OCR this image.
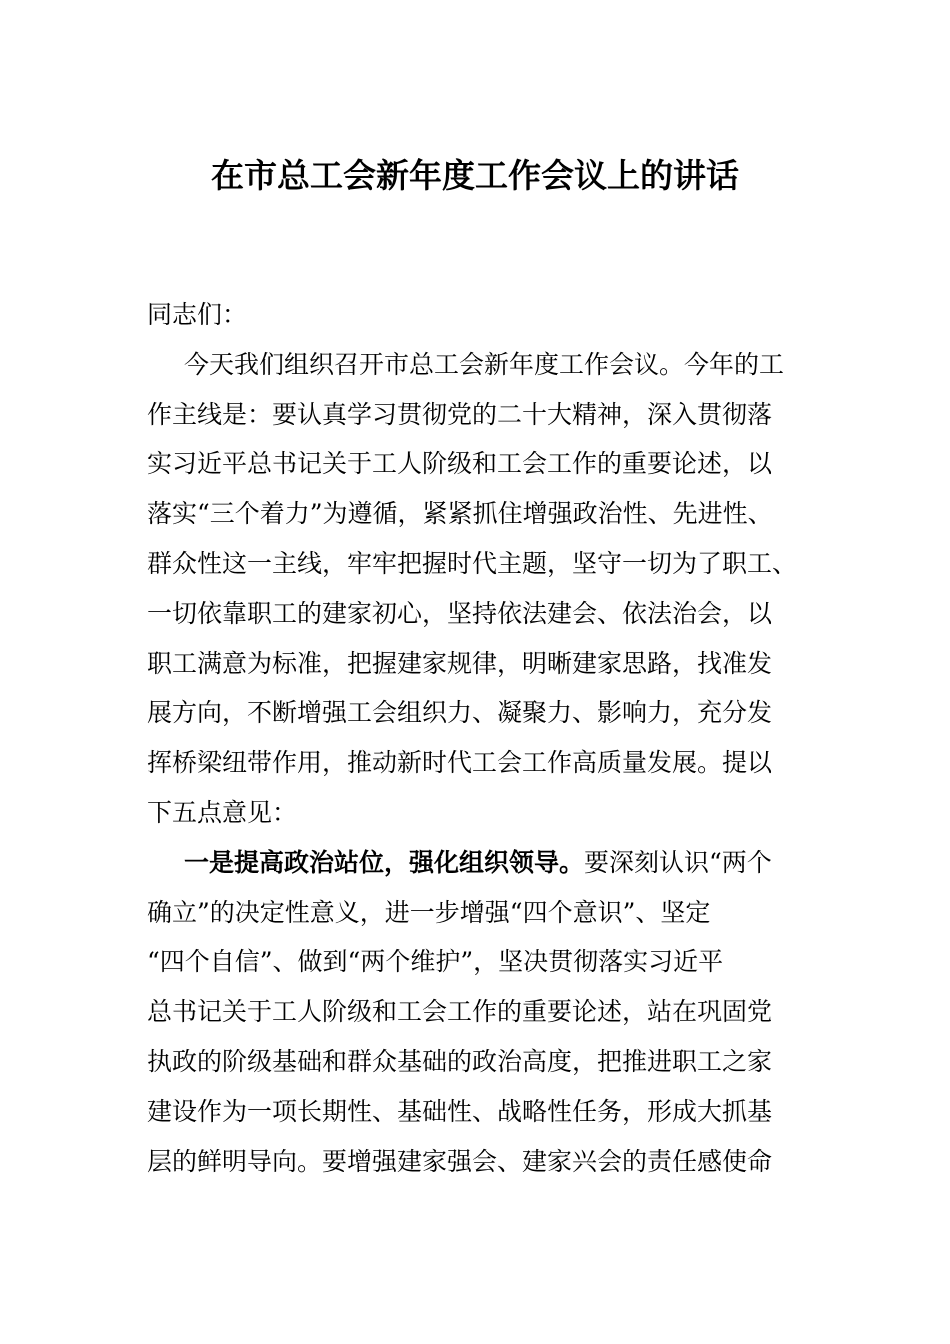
在市总工会新年度工作会议上的讲话
同志们：
今天我们组织召开市总工会新年度工作会议。今年的工
作主线是：要认真学习贯彻党的二十大精神，深入贯彻落
实习近平总书记关于工人阶级和工会工作的重要论述，以
落实“三个着力”为遵循，紧紧抓住增强政治性、先进性、
群众性这一主线，牢牢把握时代主题，坚守一切为了职工、
一切依靠职工的建家初心，坚持依法建会、依法治会，以
职工满意为标准，把握建家规律，明晰建家思路，找准发
展方向，不断增强工会组织力、凝聚力、影响力，充分发
挥桥梁纽带作用，推动新时代工会工作高质量发展。提以
下五点意见：
一是提高政治站位，强化组织领导。要深刻认识“两个
确立”的决定性意义，进一步增强“四个意识”、坚定
“四个自信”、做到“两个维护”，坚决贯彻落实习近平
总书记关于工人阶级和工会工作的重要论述，站在巩固党
执政的阶级基础和群众基础的政治高度，把推进职工之家
建设作为一项长期性、基础性、战略性任务，形成大抓基
层的鲜明导向。要增强建家强会、建家兴会的责任感使命
